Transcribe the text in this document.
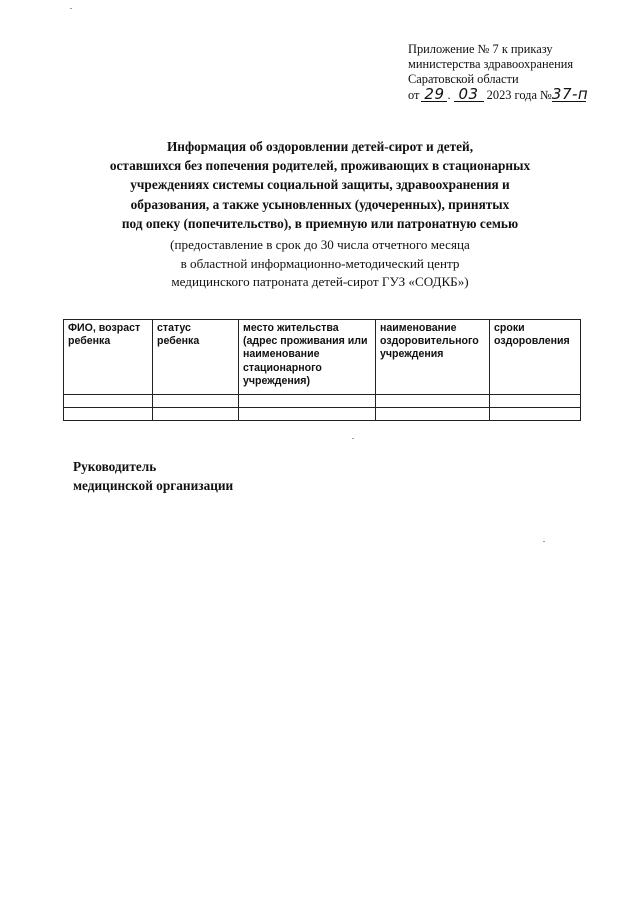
Приложение № 7 к приказу
министерства здравоохранения
Саратовской области
от 29 . 03 2023 года №37-п
Информация об оздоровлении детей-сирот и детей,
оставшихся без попечения родителей, проживающих в стационарных
учреждениях системы социальной защиты, здравоохранения и
образования, а также усыновленных (удочеренных), принятых
под опеку (попечительство), в приемную или патронатную семью
(предоставление в срок до 30 числа отчетного месяца
в областной информационно-методический центр
медицинского патроната детей-сирот ГУЗ «СОДКБ»)
ФИО, возраст ребенка	статус ребенка	место жительства (адрес проживания или наименование стационарного учреждения)	наименование оздоровительного учреждения	сроки оздоровления

Руководитель
медицинской организации
